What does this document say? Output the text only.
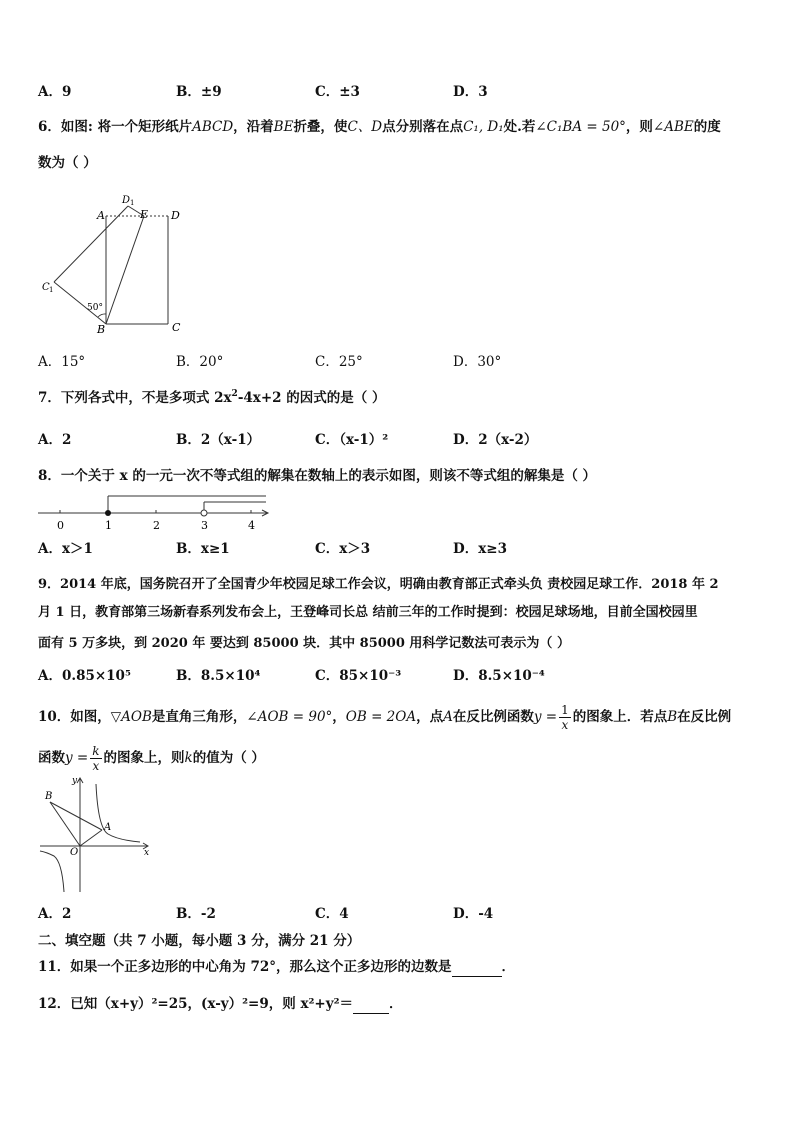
A．9	B．±9	C．±3	D．3
6．如图: 将一个矩形纸片ABCD，沿着BE折叠，使C、D点分别落在点C₁, D₁处.若∠C₁BA = 50°，则∠ABE的度
数为（ ）
A
D 1
E D
C 1
50°
B	C
A．15°	B．20°	C．25°	D．30°
7．下列各式中，不是多项式 $2x^2-4x+2$ 的因式的是（ ）
A．2	B．2（x-1）	C．（x-1）²	D．2（x-2）
8．一个关于 x 的一元一次不等式组的解集在数轴上的表示如图，则该不等式组的解集是（ ）
0	1	2	3	4
A．x＞1	B．x≥1	C．x＞3	D．x≥3
9．2014 年底，国务院召开了全国青少年校园足球工作会议，明确由教育部正式牵头负 责校园足球工作．2018 年 2
月 1 日，教育部第三场新春系列发布会上，王登峰司长总 结前三年的工作时提到：校园足球场地，目前全国校园里
面有 5 万多块，到 2020 年 要达到 85000 块．其中 85000 用科学记数法可表示为（ ）
A．0.85×10⁵	B．8.5×10⁴	C．85×10⁻³	D．8.5×10⁻⁴
10．如图，▽AOB是直角三角形，∠AOB = 90°，OB = 2OA，点A在反比例函数$y = \frac{1}{x}$ 的图象上．若点B在反比例
函数$y = \frac{k}{x}$ 的图象上，则k的值为（ ）
y
B
A
O	x
A．2	B．-2	C．4	D．-4
二、填空题（共 7 小题，每小题 3 分，满分 21 分）
11．如果一个正多边形的中心角为 72°，那么这个正多边形的边数是	．
12．已知（x+y）²=25，(x-y）²=9，则 x²+y²＝	．
